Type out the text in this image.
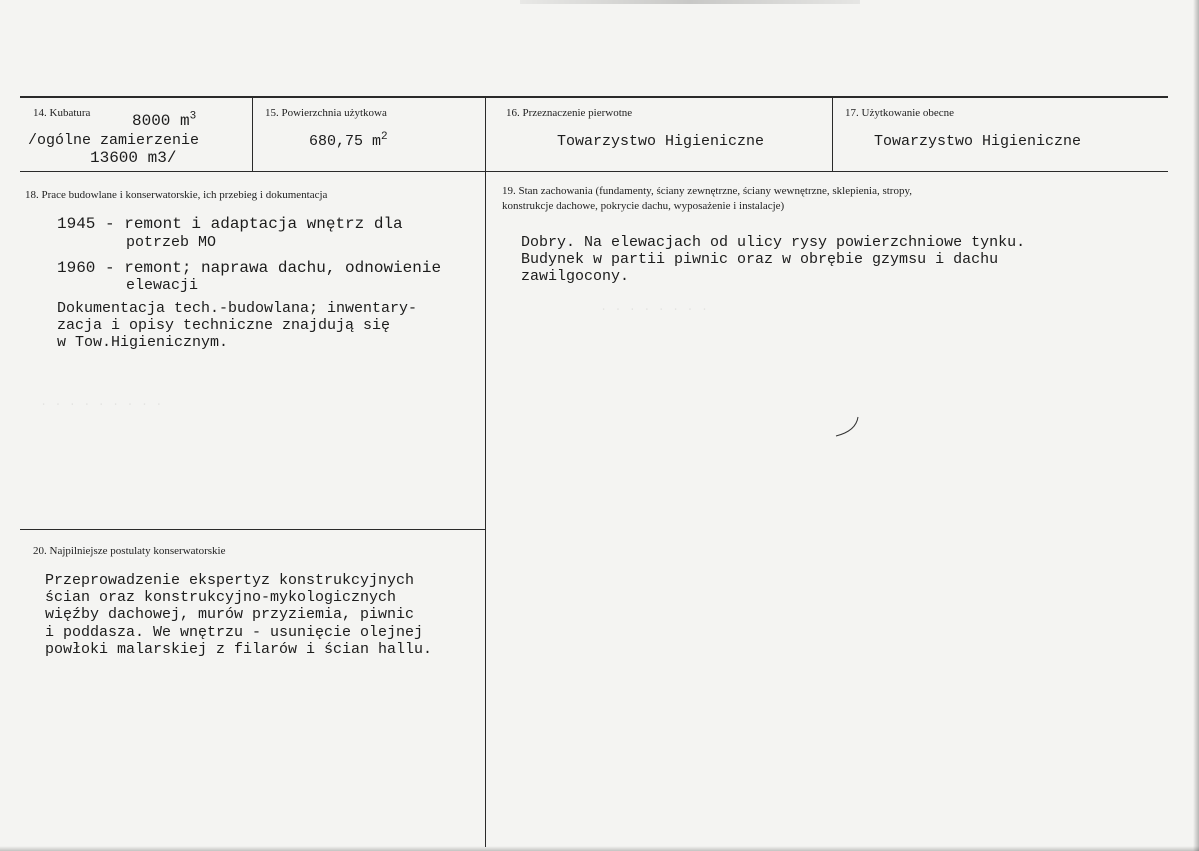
. . . . . . . . .
. . . . . . . .
14. Kubatura	8000 $m^3$
/ogólne zamierzenie
13600 m3/
15. Powierzchnia użytkowa
680,75 $m^2$
16. Przeznaczenie pierwotne
Towarzystwo Higieniczne
17. Użytkowanie obecne
Towarzystwo Higieniczne
18. Prace budowlane i konserwatorskie, ich przebieg i dokumentacja
1945 - remont i adaptacja wnętrz dla
potrzeb MO
1960 - remont; naprawa dachu, odnowienie
elewacji
Dokumentacja tech.-budowlana; inwentary-
zacja i opisy techniczne znajdują się
w Tow.Higienicznym.
19. Stan zachowania (fundamenty, ściany zewnętrzne, ściany wewnętrzne, sklepienia, stropy,
konstrukcje dachowe, pokrycie dachu, wyposażenie i instalacje)
Dobry. Na elewacjach od ulicy rysy powierzchniowe tynku.
Budynek w partii piwnic oraz w obrębie gzymsu i dachu
zawilgocony.
20. Najpilniejsze postulaty konserwatorskie
Przeprowadzenie ekspertyz konstrukcyjnych
ścian oraz konstrukcyjno-mykologicznych
więźby dachowej, murów przyziemia, piwnic
i poddasza. We wnętrzu - usunięcie olejnej
powłoki malarskiej z filarów i ścian hallu.
